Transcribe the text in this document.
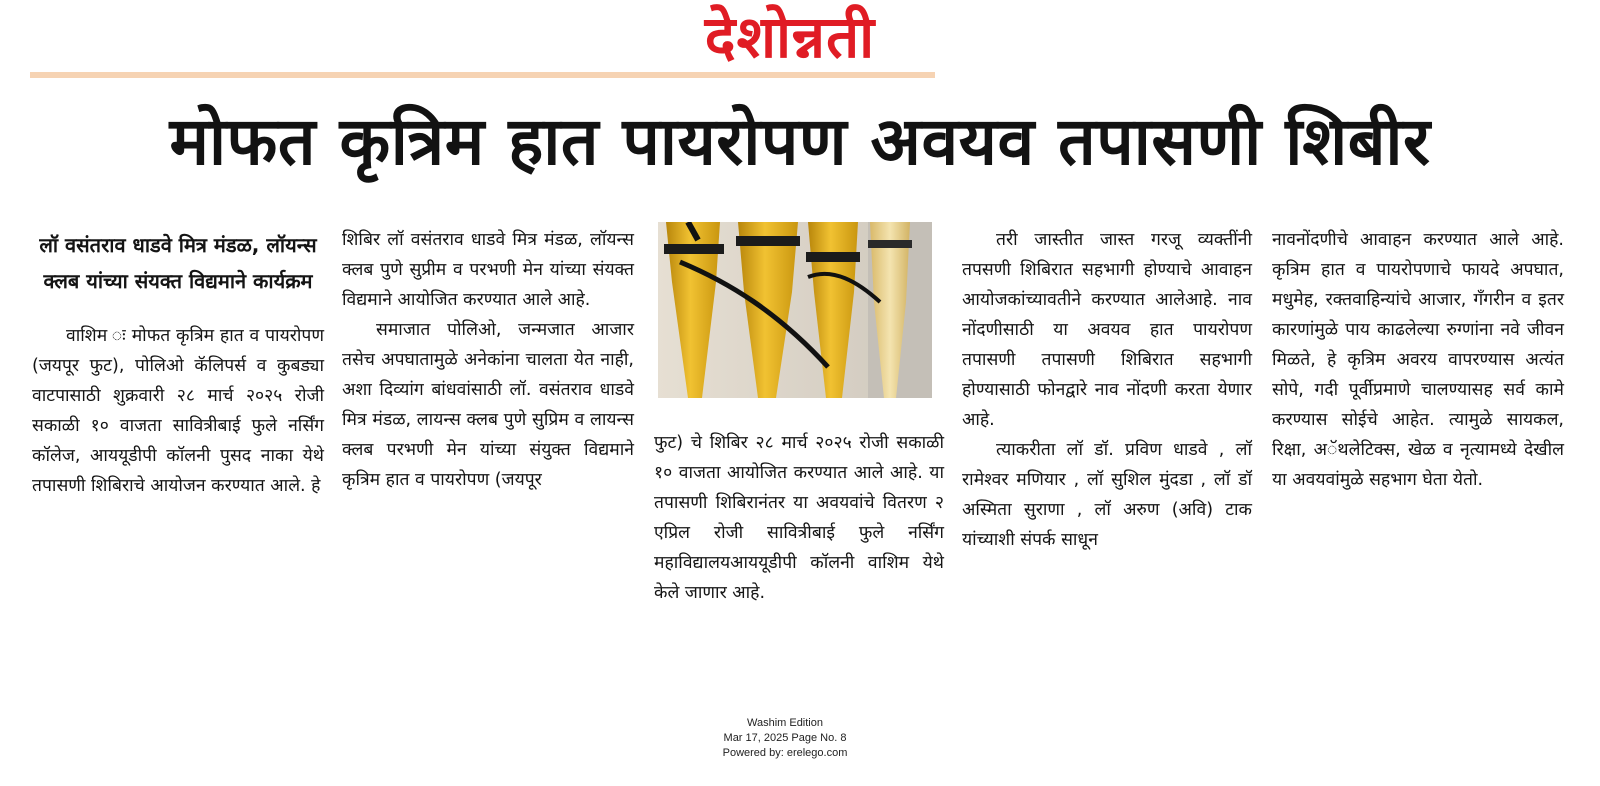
देशोन्नती
मोफत कृत्रिम हात पायरोपण अवयव तपासणी शिबीर
लॉ वसंतराव धाडवे मित्र मंडळ, लॉयन्स क्लब यांच्या संयक्त विद्यमाने कार्यक्रम

वाशिम ः मोफत कृत्रिम हात व पायरोपण (जयपूर फुट), पोलिओ कॅलिपर्स व कुबड्या वाटपासाठी शुक्रवारी २८ मार्च २०२५ रोजी सकाळी १० वाजता सावित्रीबाई फुले नर्सिंग कॉलेज, आययूडीपी कॉलनी पुसद नाका येथे तपासणी शिबिराचे आयोजन करण्यात आले. हे

शिबिर लॉ वसंतराव धाडवे मित्र मंडळ, लॉयन्स क्लब पुणे सुप्रीम व परभणी मेन यांच्या संयक्त विद्यमाने आयोजित करण्यात आले आहे.

समाजात पोलिओ, जन्मजात आजार तसेच अपघातामुळे अनेकांना चालता येत नाही, अशा दिव्यांग बांधवांसाठी लॉ. वसंतराव धाडवे मित्र मंडळ, लायन्स क्लब पुणे सुप्रिम व लायन्स क्लब परभणी मेन यांच्या संयुक्त विद्यमाने कृत्रिम हात व पायरोपण (जयपूर

फुट) चे शिबिर २८ मार्च २०२५ रोजी सकाळी १० वाजता आयोजित करण्यात आले आहे. या तपासणी शिबिरानंतर या अवयवांचे वितरण २ एप्रिल रोजी सावित्रीबाई फुले नर्सिंग महाविद्यालयआययूडीपी कॉलनी वाशिम येथे केले जाणार आहे.

तरी जास्तीत जास्त गरजू व्यक्तींनी तपसणी शिबिरात सहभागी होण्याचे आवाहन आयोजकांच्यावतीने करण्यात आलेआहे. नाव नोंदणीसाठी या अवयव हात पायरोपण तपासणी तपासणी शिबिरात सहभागी होण्यासाठी फोनद्वारे नाव नोंदणी करता येणार आहे.

त्याकरीता लॉ डॉ. प्रविण धाडवे , लॉ रामेश्वर मणियार , लॉ सुशिल मुंदडा , लॉ डॉ अस्मिता सुराणा , लॉ अरुण (अवि) टाक यांच्याशी संपर्क साधून

नावनोंदणीचे आवाहन करण्यात आले आहे. कृत्रिम हात व पायरोपणाचे फायदे अपघात, मधुमेह, रक्तवाहिन्यांचे आजार, गँगरीन व इतर कारणांमुळे पाय काढलेल्या रुग्णांना नवे जीवन मिळते, हे कृत्रिम अवरय वापरण्यास अत्यंत सोपे, गदी पूर्वीप्रमाणे चालण्यासह सर्व कामे करण्यास सोईचे आहेत. त्यामुळे सायकल, रिक्षा, अॅथलेटिक्स, खेळ व नृत्यामध्ये देखील या अवयवांमुळे सहभाग घेता येतो.

Washim Edition
Mar 17, 2025 Page No. 8
Powered by: erelego.com
